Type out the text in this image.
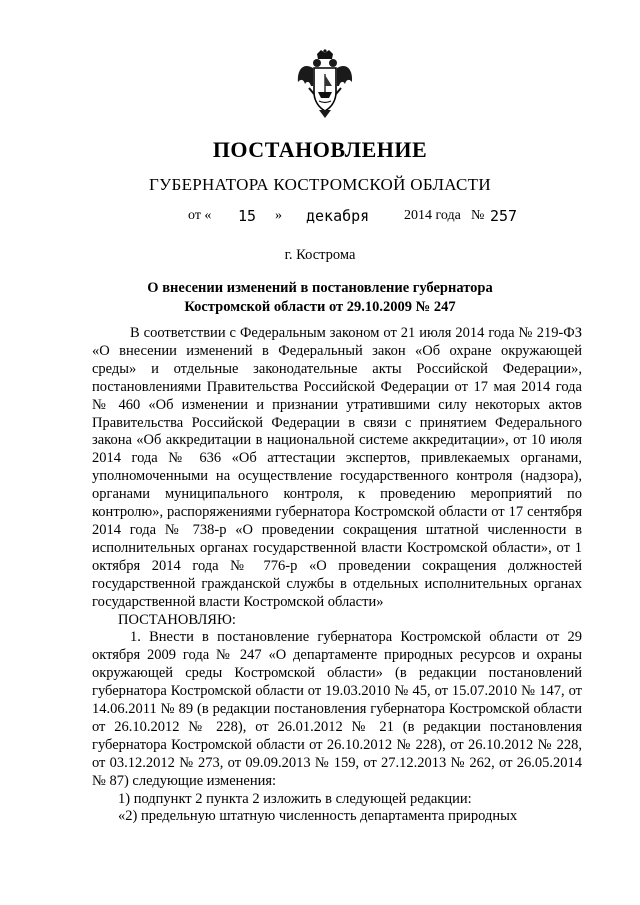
ПОСТАНОВЛЕНИЕ
ГУБЕРНАТОРА КОСТРОМСКОЙ ОБЛАСТИ
от « 15 » декабря 2014 года № 257
г. Кострома
О внесении изменений в постановление губернатора
Костромской области от 29.10.2009 № 247

В соответствии с Федеральным законом от 21 июля 2014 года № 219-ФЗ «О внесении изменений в Федеральный закон «Об охране окружающей среды» и отдельные законодательные акты Российской Федерации», постановлениями Правительства Российской Федерации от 17 мая 2014 года № 460 «Об изменении и признании утратившими силу некоторых актов Правительства Российской Федерации в связи с принятием Федерального закона «Об аккредитации в национальной системе аккредитации», от 10 июля 2014 года № 636 «Об аттестации экспертов, привлекаемых органами, уполномоченными на осуществление государственного контроля (надзора), органами муниципального контроля, к проведению мероприятий по контролю», распоряжениями губернатора Костромской области от 17 сентября 2014 года № 738-р «О проведении сокращения штатной численности в исполнительных органах государственной власти Костромской области», от 1 октября 2014 года № 776-р «О проведении сокращения должностей государственной гражданской службы в отдельных исполнительных органах государственной власти Костромской области»

ПОСТАНОВЛЯЮ:

1. Внести в постановление губернатора Костромской области от 29 октября 2009 года № 247 «О департаменте природных ресурсов и охраны окружающей среды Костромской области» (в редакции постановлений губернатора Костромской области от 19.03.2010 № 45, от 15.07.2010 № 147, от 14.06.2011 № 89 (в редакции постановления губернатора Костромской области от 26.10.2012 № 228), от 26.01.2012 № 21 (в редакции постановления губернатора Костромской области от 26.10.2012 № 228), от 26.10.2012 № 228, от 03.12.2012 № 273, от 09.09.2013 № 159, от 27.12.2013 № 262, от 26.05.2014 № 87) следующие изменения:

1) подпункт 2 пункта 2 изложить в следующей редакции:

«2) предельную штатную численность департамента природных
